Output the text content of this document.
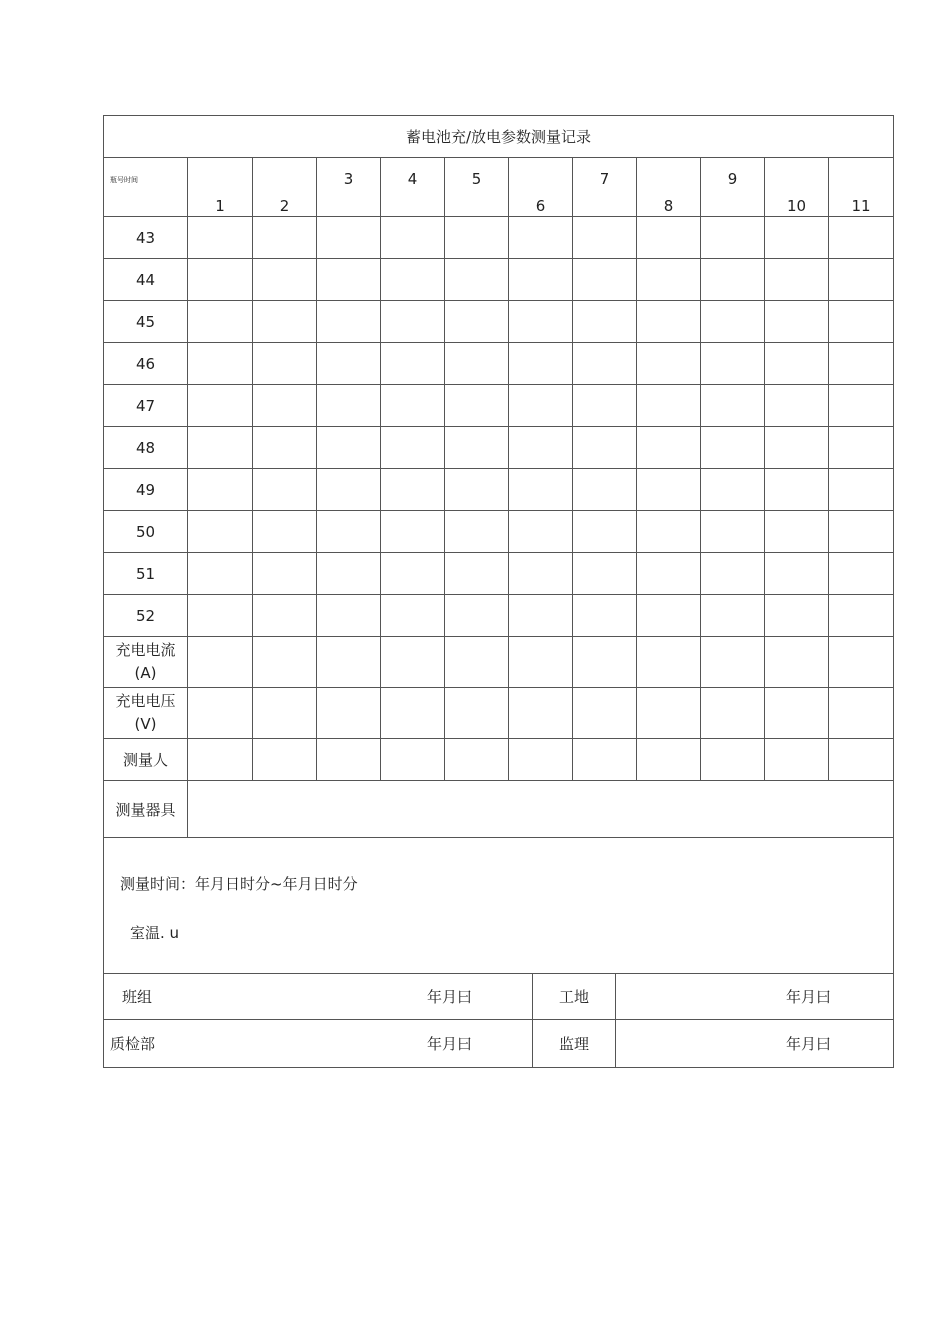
蓄电池充/放电参数测量记录											
瓶号时间	1	2	3	4	5	6	7	8	9	10	11
43											
44											
45											
46											
47											
48											
49											
50											
51											
52											

充电电流
(A)											

充电电压
(V)											

测量人											
测量器具											

测量时间：年月日时分~年月日时分
室温. u											
班组	年月曰	工地	年月曰
质检部	年月曰	监理	年月曰
